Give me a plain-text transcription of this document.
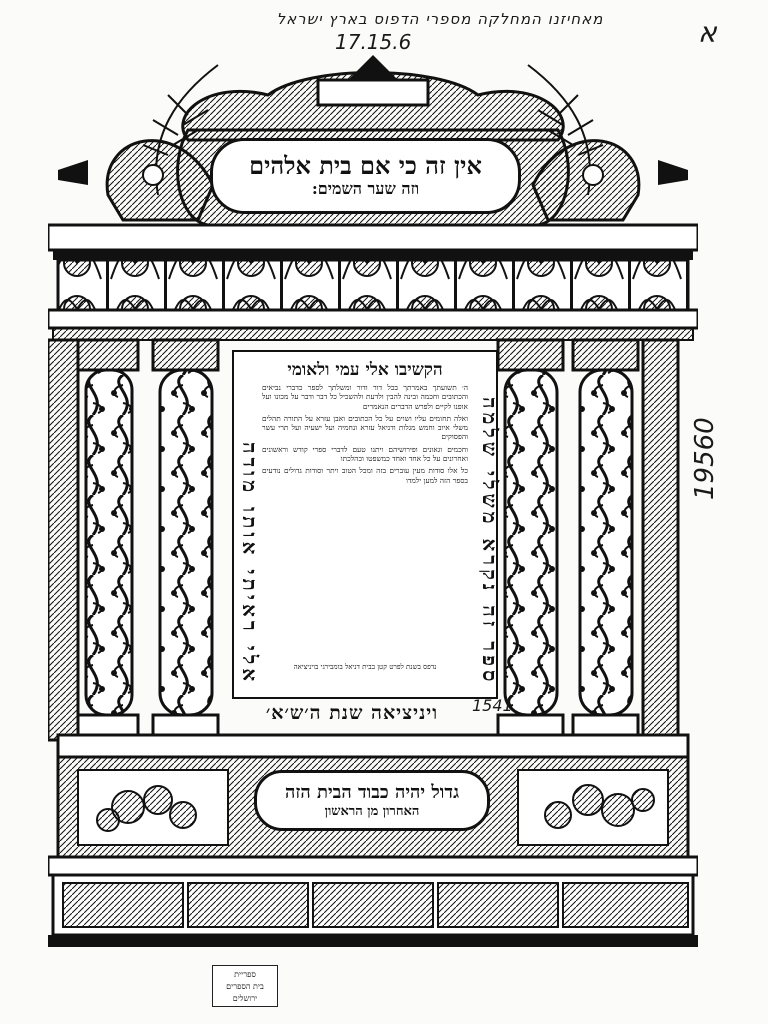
מאחיזנו המחלקה מספרי הדפוס בארץ ישראל	א
17.15.6
19560
אין זה כי אם בית אלהים
וזה שער השמים:
הקשיבו אלי עמי ולאומי
ספר זה נקרא משלי שלמה
אלי ראיתי אותו מודה

ה׳ תשועתך באמרתך בכל דור ודור ומשלתך לספר כדברי נביאים והכתובים וחכמה ובינה להבין ולדעת ולהשכיל כל דבר ודבר על מכונו ועל אופנו לקיים ולפרש הדברים הנאמרים

ואלה תחומים עליו ושוים על כל הכתובים ואבן עזרא על התורה תהלים משלי איוב וחמש מגלות ודניאל עזרא ונחמיה ועל ישעיה ועל תרי עשר והפסוקים

וחכמים וגאונים ופירושיהם ויתנו טעם לדברי ספרי קודש וראשונים ואחרונים על כל אחד ואחד כמשפטו וכהלכתו

כל אלו סודות מעין עוברים בזה ומכל הטוב ויתר וסודות גדולים נודעים בספר הזה למען ילמדו

נדפס בשנת לפרט קטן בבית דניאל בומבירגי בויניציאה
ויניציאה שנת ה׳ש׳א׳	1541
גדול יהיה כבוד הבית הזה
האחרון מן הראשון
ספריית
בית הספרים
ירושלים
